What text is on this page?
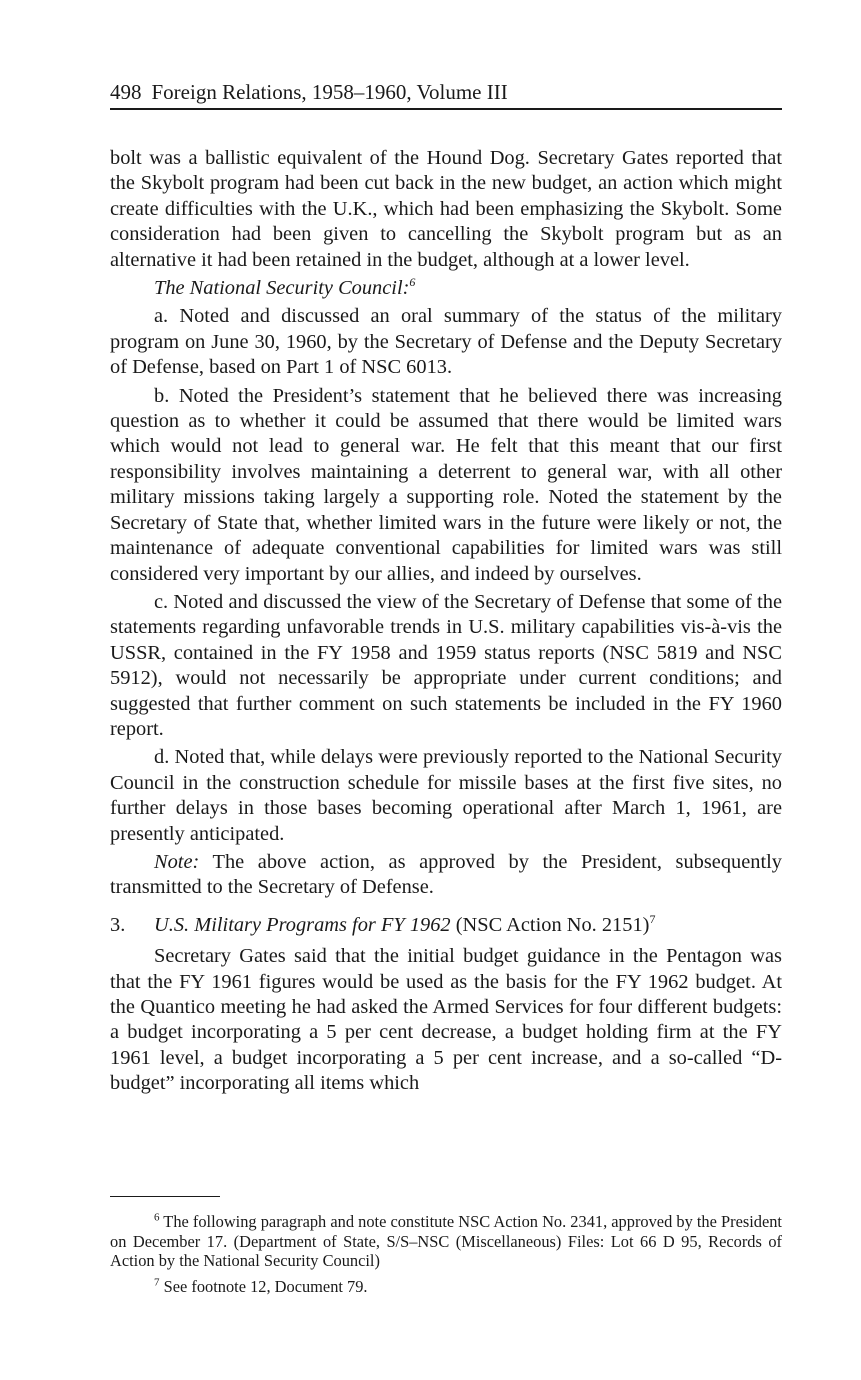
498 Foreign Relations, 1958–1960, Volume III

bolt was a ballistic equivalent of the Hound Dog. Secretary Gates reported that the Skybolt program had been cut back in the new budget, an action which might create difficulties with the U.K., which had been emphasizing the Skybolt. Some consideration had been given to cancelling the Skybolt program but as an alternative it had been retained in the budget, although at a lower level.

The National Security Council:$^6$

a. Noted and discussed an oral summary of the status of the military program on June 30, 1960, by the Secretary of Defense and the Deputy Secretary of Defense, based on Part 1 of NSC 6013.

b. Noted the President’s statement that he believed there was increasing question as to whether it could be assumed that there would be limited wars which would not lead to general war. He felt that this meant that our first responsibility involves maintaining a deterrent to general war, with all other military missions taking largely a supporting role. Noted the statement by the Secretary of State that, whether limited wars in the future were likely or not, the maintenance of adequate conventional capabilities for limited wars was still considered very important by our allies, and indeed by ourselves.

c. Noted and discussed the view of the Secretary of Defense that some of the statements regarding unfavorable trends in U.S. military capabilities vis-à-vis the USSR, contained in the FY 1958 and 1959 status reports (NSC 5819 and NSC 5912), would not necessarily be appropriate under current conditions; and suggested that further comment on such statements be included in the FY 1960 report.

d. Noted that, while delays were previously reported to the National Security Council in the construction schedule for missile bases at the first five sites, no further delays in those bases becoming operational after March 1, 1961, are presently anticipated.

Note: The above action, as approved by the President, subsequently transmitted to the Secretary of Defense.

3. U.S. Military Programs for FY 1962 (NSC Action No. 2151)$^7$

Secretary Gates said that the initial budget guidance in the Pentagon was that the FY 1961 figures would be used as the basis for the FY 1962 budget. At the Quantico meeting he had asked the Armed Services for four different budgets: a budget incorporating a 5 per cent decrease, a budget holding firm at the FY 1961 level, a budget incorporating a 5 per cent increase, and a so-called “D-budget” incorporating all items which

$^6$ The following paragraph and note constitute NSC Action No. 2341, approved by the President on December 17. (Department of State, S/S–NSC (Miscellaneous) Files: Lot 66 D 95, Records of Action by the National Security Council)

$^7$ See footnote 12, Document 79.
